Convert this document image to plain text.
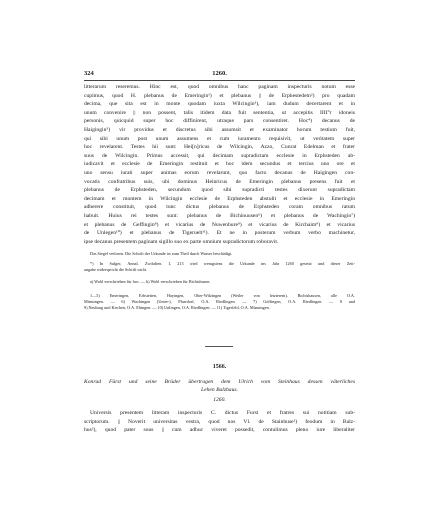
324	1260.
litterarum reseremus. Hinc est, quod omnibus hanc paginam inspecturis notum esse
cupimus, quod H. plebanus de Emeringin¹) et plebanus || de Erphestedem²) pro quadam
decima, que sita est in monte quodam iuxta Wilcingin³), iam dudum decertarent et in
unum convenire || non possent, talis itidem data fuit sententia, ut accepitis IIII°r idoneis
personis, quicquid super hoc diffinirent, utraque pars consentiret. Hoc⁴) decanus de
Haigingin⁵) vir providus et discretus sibi assumsit et examinator horum testium fuit,
qui sibi unum post unum assumens et cum iuramento requisivit, ut veritatem super
hoc revelarent. Testes hii sunt: Hei[n]ricus de Wilcingin, Azzo, Cunrat Edelman et frater
suus de Wilcingin. Primus accessit, qui decimam supradictam ecclesie in Erphsteden ab-
iudicavit et ecclesie de Emeringin restituit et hoc idem secundus et tercius uno ore et
uno sensu iurati super animas eorum revelarunt, quo facto decanus de Haigingen con-
vocatis confratribus suis, ubi dominus Heinricus de Emeringin plebanus presens fuit et
plebanus de Erphsteden, secundum quod sibi supradicti testes dixerunt supradictam
decimam et montem in Wilcingin ecclesie de Erphsteden abstulit et ecclesie in Emeringin
adherere constituit, quod tunc dictus plebanus de Erphsteden coram omnibus ratum
habuit. Huius rei testes sunt: plebanus de Bichinuusen⁶) et plebanus de Wachingin⁷)
et plebanus de Geffingin⁸) et vicarius de Nuwenbure⁹) et vicarius de Kirchaim⁹) et vicarius
de Unlegen¹⁰) et plebanus de Tigeruelt¹¹). Et ne in posterum verbum verbo machinetur,
ipse decanus presentem paginam sigillo suo ex parte omnium supradictorum roboravit.
Das Siegel verloren. Die Schrift der Urkunde ist zum Theil durch Wasser beschädigt.
*) In Sulger, Annal. Zwifalten. I, 213 wird wenigstens die Urkunde ins Jahr 1260 gesetzt und dieser Zeit-
angabe widerspricht die Schrift nicht.
a) Wohl verschrieben für hoc. — b) Wohl verschrieben für Bichishusen.
1—5) Emeringen, Erbstetten, Hayingen, Ober-Wilzingen (Weiler von letzterem), Bichishausen, alle O.A.
Münsingen. — 6) Wachingen (Unter-), Pfarrdorf, O.A. Riedlingen. — 7) Göffingen, O.A. Riedlingen. — 8 und
9) Neuburg und Kirchen, O.A. Ehingen. — 10) Unlingen, O.A. Riedlingen. — 11) Tigerfeld, O.A. Münsingen.
1566.
Konrad Fürst und seine Brüder übertragen dem Ulrich vom Steinhaus dessen väterliches
Lehen Balzhaus.
1260.
Universis presentem litteram inspecturis C. dictus Furst et fratres sui notitiam sub-
scriptorum. || Noverit universitas vestra, quod nos Vl. de Stainhuse¹) feodum in Balz-
hus²), quod pater suus || cum adhuc viveret possedit, contulimus pleno iure liberaliter
